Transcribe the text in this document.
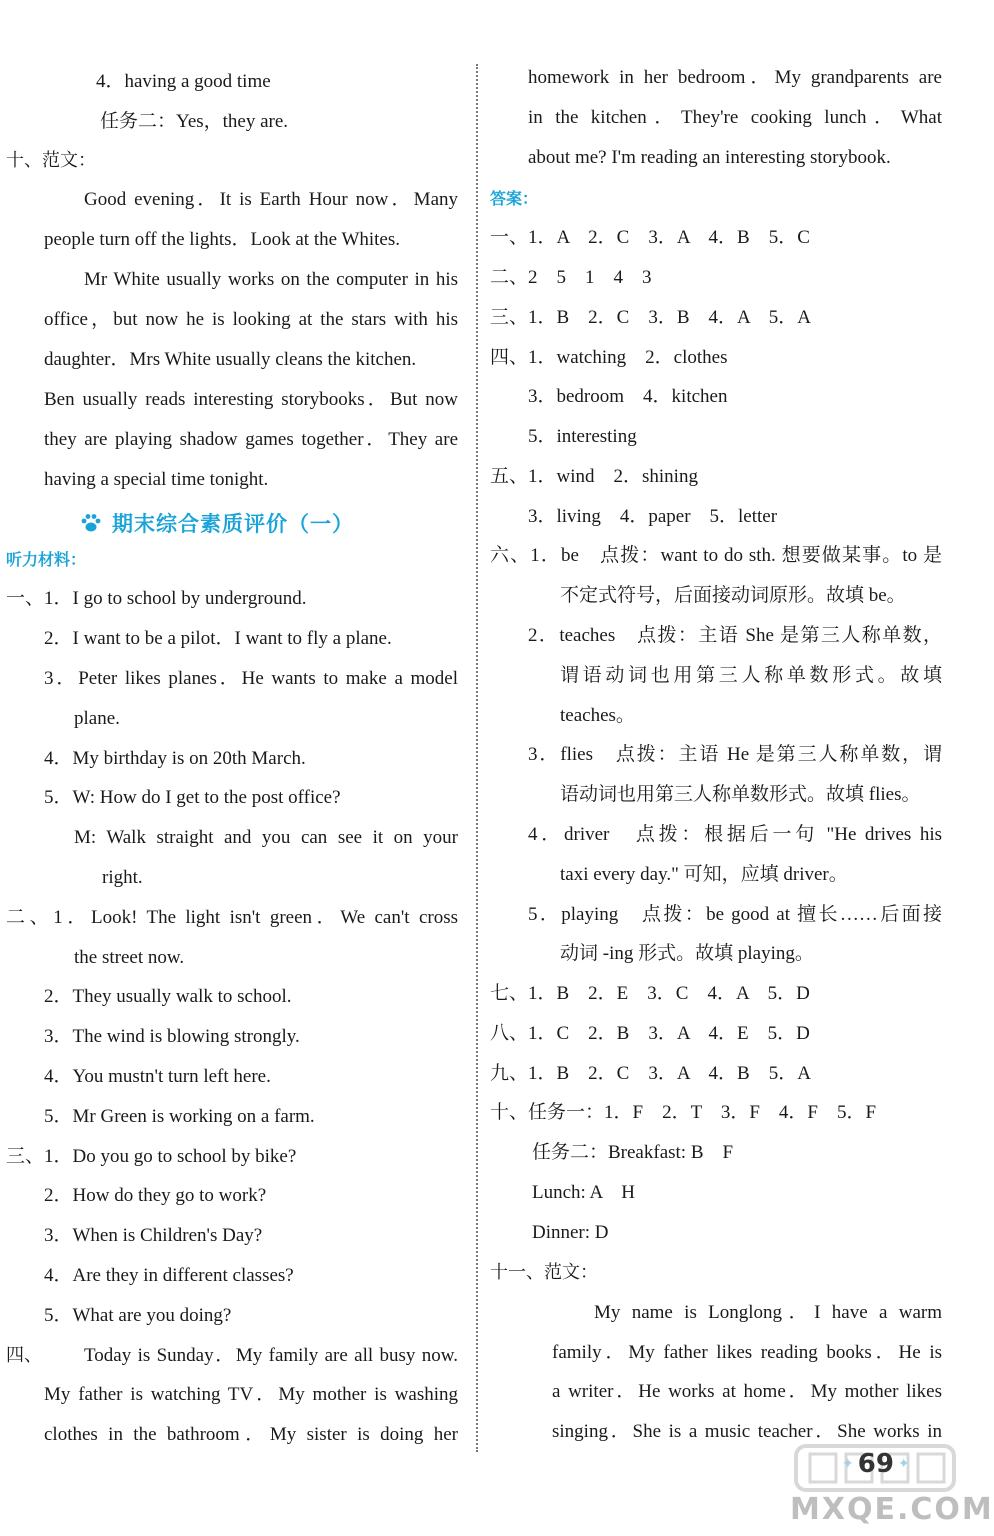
4．having a good time
任务二：Yes，they are.
十、范文：
Good evening．It is Earth Hour now．Many
people turn off the lights．Look at the Whites.
Mr White usually works on the computer in his
office，but now he is looking at the stars with his
daughter．Mrs White usually cleans the kitchen.
Ben usually reads interesting storybooks．But now
they are playing shadow games together．They are
having a special time tonight.
听力材料：
一、1．I go to school by underground.
2．I want to be a pilot．I want to fly a plane.
3．Peter likes planes．He wants to make a model
plane.
4．My birthday is on 20th March.
5．W: How do I get to the post office?
M: Walk straight and you can see it on your
right.
二、1．Look! The light isn't green．We can't cross
the street now.
2．They usually walk to school.
3．The wind is blowing strongly.
4．You mustn't turn left here.
5．Mr Green is working on a farm.
三、1．Do you go to school by bike?
2．How do they go to work?
3．When is Children's Day?
4．Are they in different classes?
5．What are you doing?
四、 Today is Sunday．My family are all busy now.
My father is watching TV．My mother is washing
clothes in the bathroom．My sister is doing her
homework in her bedroom．My grandparents are
in the kitchen．They're cooking lunch．What
about me? I'm reading an interesting storybook.
答案：
一、1．A　2．C　3．A　4．B　5．C
二、2　5　1　4　3
三、1．B　2．C　3．B　4．A　5．A
四、1．watching　2．clothes
3．bedroom　4．kitchen
5．interesting
五、1．wind　2．shining
3．living　4．paper　5．letter
六、1．be　点拨：want to do sth. 想要做某事。to 是
不定式符号，后面接动词原形。故填 be。
2．teaches　点拨：主语 She 是第三人称单数，
谓语动词也用第三人称单数形式。故填
teaches。
3．flies　点拨：主语 He 是第三人称单数，谓
语动词也用第三人称单数形式。故填 flies。
4．driver　点拨：根据后一句 "He drives his
taxi every day." 可知，应填 driver。
5．playing　点拨：be good at 擅长……后面接
动词 -ing 形式。故填 playing。
七、1．B　2．E　3．C　4．A　5．D
八、1．C　2．B　3．A　4．E　5．D
九、1．B　2．C　3．A　4．B　5．A
十、任务一：1．F　2．T　3．F　4．F　5．F
任务二：Breakfast: B　F
Lunch: A　H
Dinner: D
十一、范文：
My name is Longlong．I have a warm
family．My father likes reading books．He is
a writer．He works at home．My mother likes
singing．She is a music teacher．She works in
期末综合素质评价（一）
MXQE.COM
✦ 69 ✦
